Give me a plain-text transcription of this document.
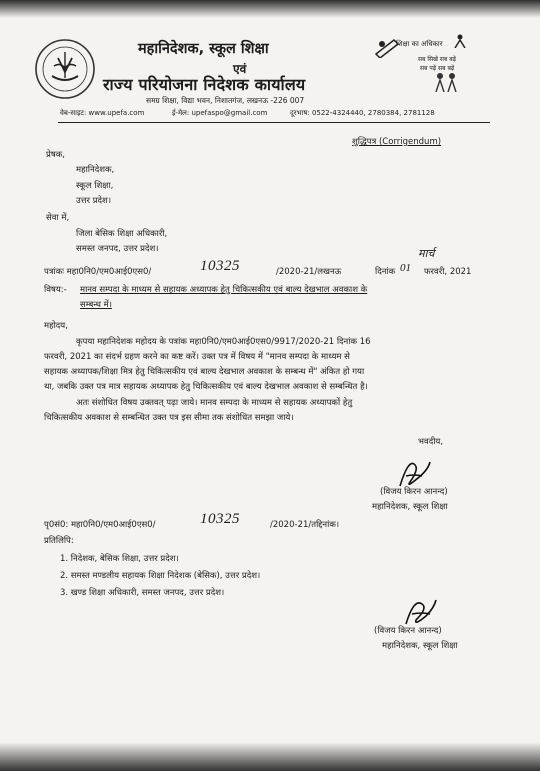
महानिदेशक, स्कूल शिक्षा
एवं
राज्य परियोजना निदेशक कार्यालय
समग्र शिक्षा, विद्या भवन, निशातगंज, लखनऊ -226 007
वेब-साइट: www.upefa.com	ई-मेल: upefaspo@gmail.com	दूरभाष: 0522-4324440, 2780384, 2781128
शिक्षा का अधिकार
सब सिखें सब बढ़ें
सब पढ़ें सब बढ़ें
शुद्धिपत्र (Corrigendum)
प्रेषक,
महानिदेशक,
स्कूल शिक्षा,
उत्तर प्रदेश।
सेवा में,
जिला बेसिक शिक्षा अधिकारी,
समस्त जनपद, उत्तर प्रदेश।
पत्रांकः महा0नि0/एम0आई0एस0/	10325	/2020-21/लखनऊ	दिनांक 01
मार्च
फरवरी, 2021
विषय:- मानव सम्पदा के माध्यम से सहायक अध्यापक हेतु चिकित्सकीय एवं बाल्य देखभाल अवकाश के
सम्बन्ध में।
महोदय,
कृपया महानिदेशक महोदय के पत्रांक महा0नि0/एम0आई0एस0/9917/2020-21 दिनांक 16
फरवरी, 2021 का संदर्भ ग्रहण करने का कष्ट करें। उक्त पत्र में विषय में "मानव सम्पदा के माध्यम से
सहायक अध्यापक/शिक्षा मित्र हेतु चिकित्सकीय एवं बाल्य देखभाल अवकाश के सम्बन्ध में" अंकित हो गया
था, जबकि उक्त पत्र मात्र सहायक अध्यापक हेतु चिकित्सकीय एवं बाल्य देखभाल अवकाश से सम्बन्धित है।
अतः संशोधित विषय उक्तवत् पढ़ा जाये। मानव सम्पदा के माध्यम से सहायक अध्यापकों हेतु
चिकित्सकीय अवकाश से सम्बन्धित उक्त पत्र इस सीमा तक संशोधित समझा जाये।
भवदीय,
(विजय किरन आनन्द)
महानिदेशक, स्कूल शिक्षा
पृ0सं0: महा0नि0/एम0आई0एस0/	10325	/2020-21/तद्दिनांक।
प्रतिलिपि:
1. निदेशक, बेसिक शिक्षा, उत्तर प्रदेश।
2. समस्त मण्डलीय सहायक शिक्षा निदेशक (बेसिक), उत्तर प्रदेश।
3. खण्ड शिक्षा अधिकारी, समस्त जनपद, उत्तर प्रदेश।
(विजय किरन आनन्द)
महानिदेशक, स्कूल शिक्षा
